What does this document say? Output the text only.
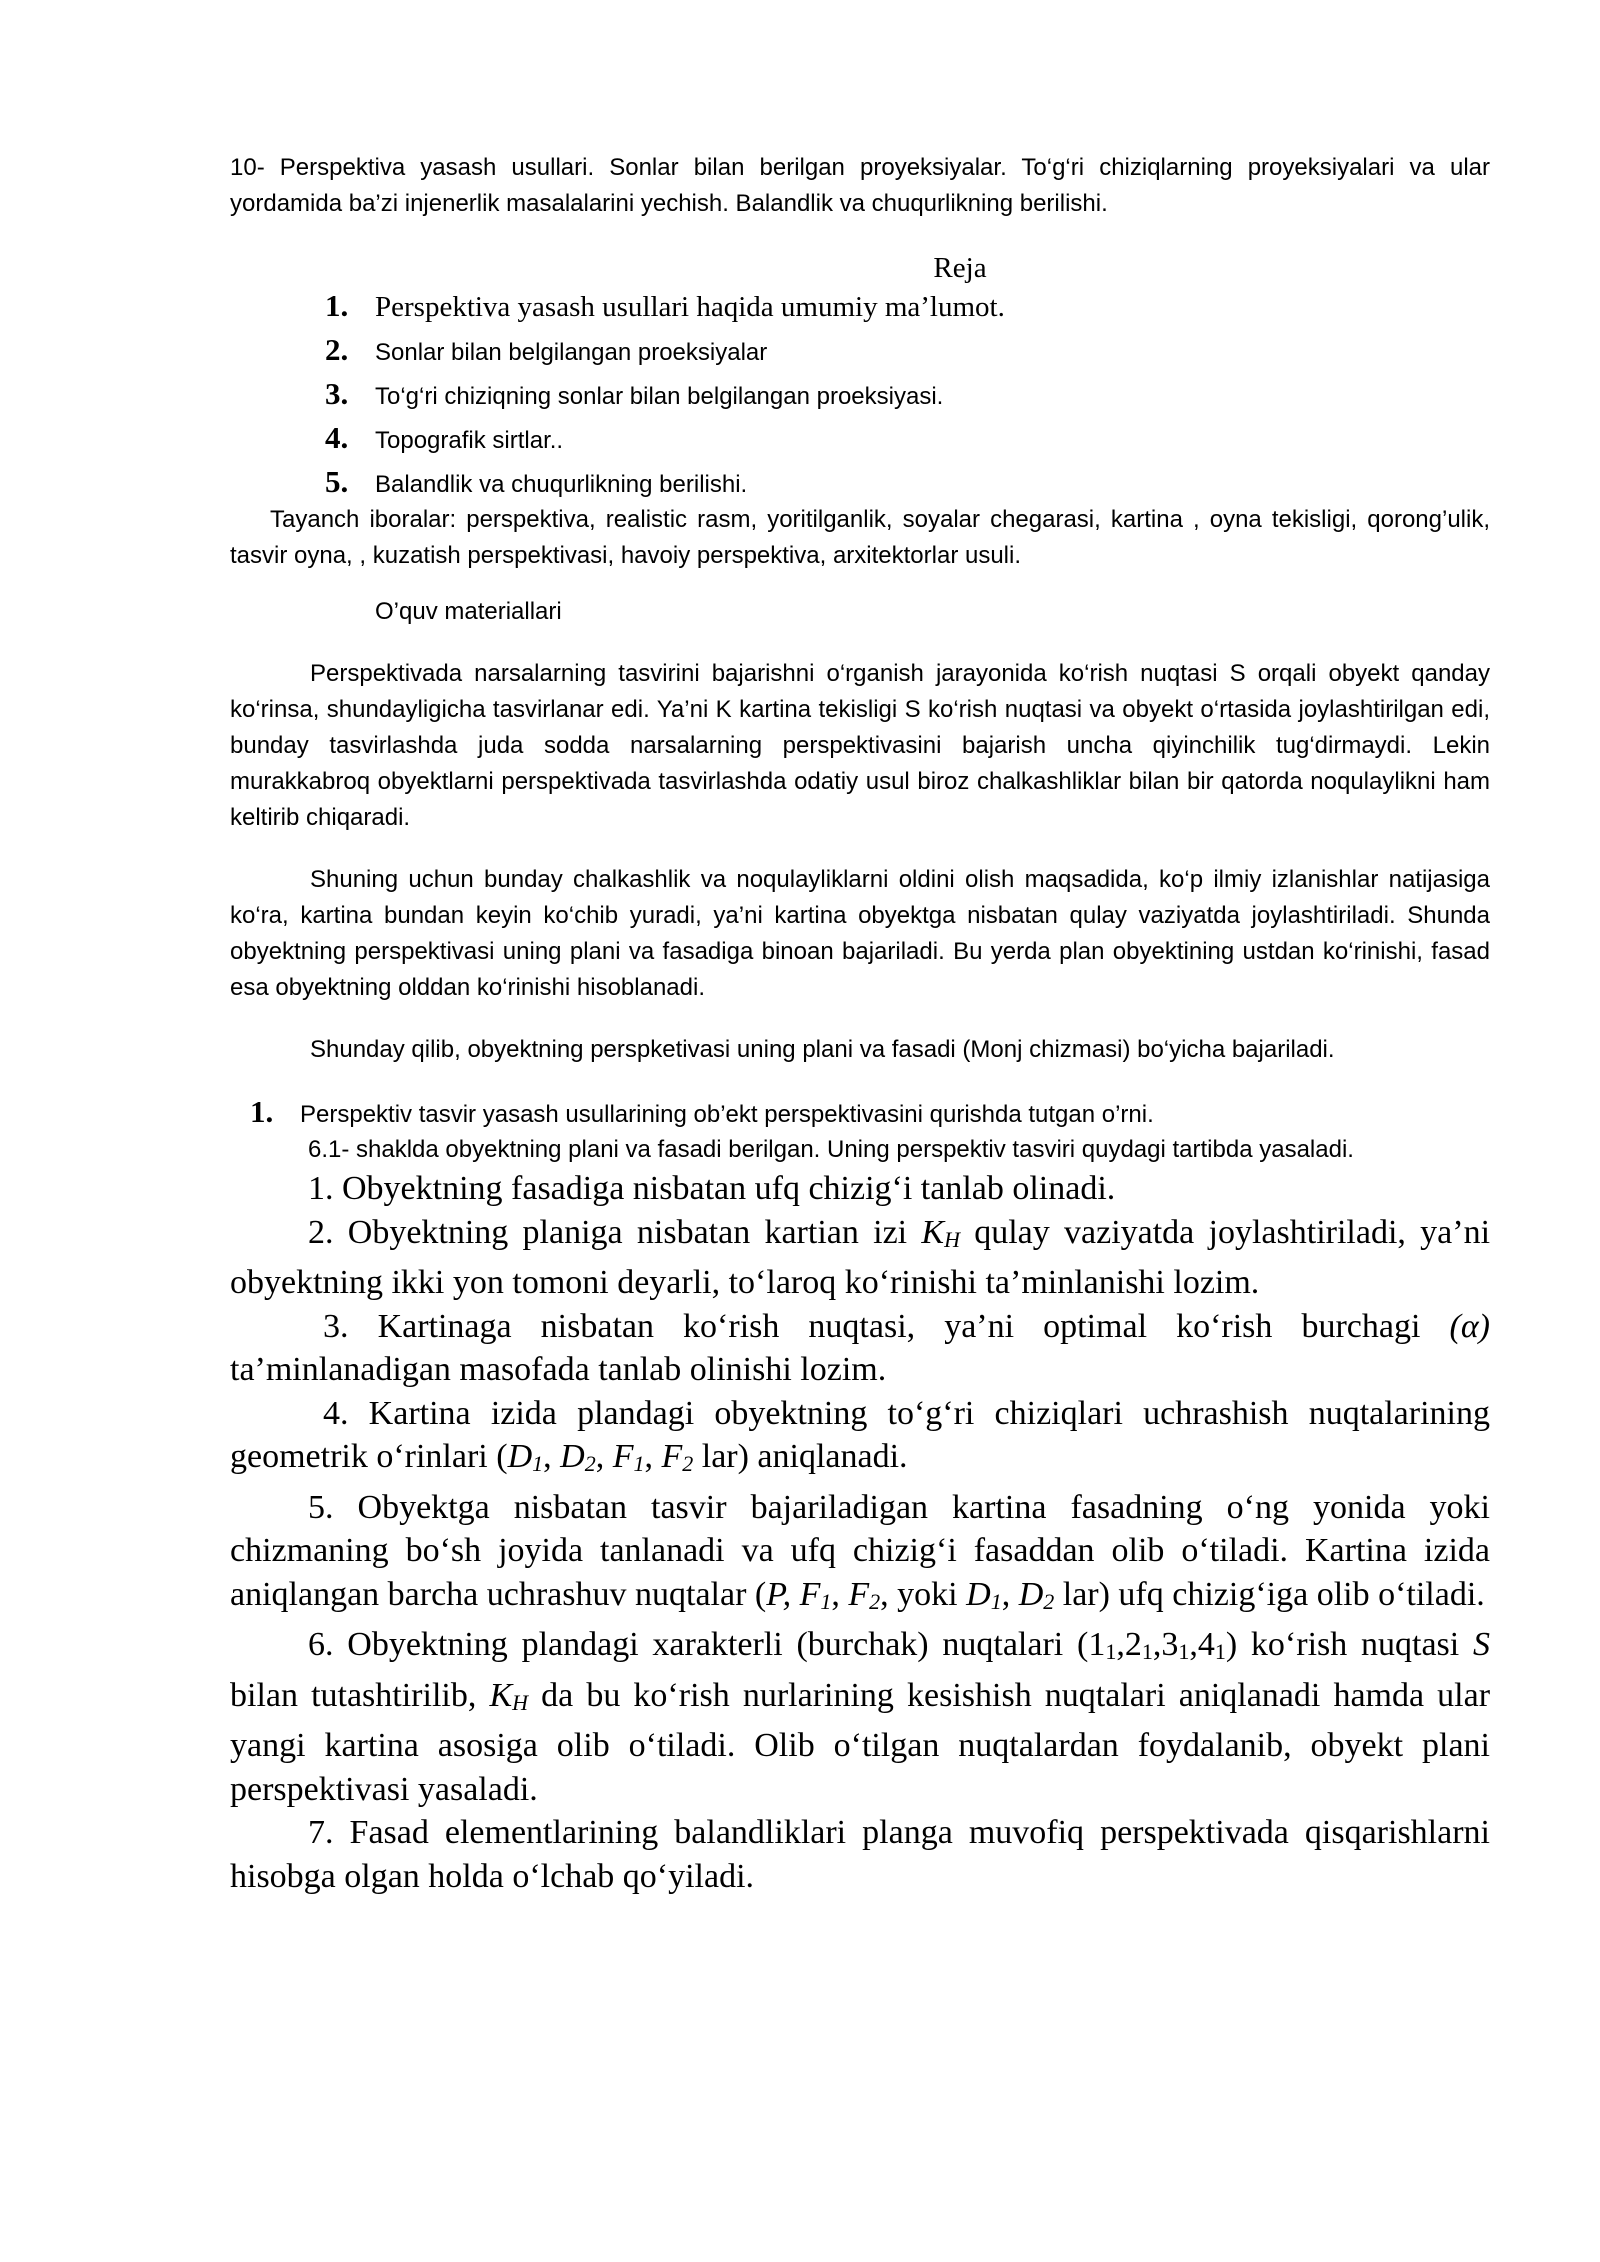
10- Perspektiva yasash usullari. Sonlar bilan berilgan proyeksiyalar. To‘g‘ri chiziqlarning proyeksiyalari va ular yordamida ba’zi injenerlik masalalarini yechish. Balandlik va chuqurlikning berilishi.

Reja

1. Perspektiva yasash usullari haqida umumiy ma’lumot.
2.	Sonlar bilan belgilangan proeksiyalar
3.	To‘g‘ri chiziqning sonlar bilan belgilangan proeksiyasi.
4.	Topografik sirtlar..
5.	Balandlik va chuqurlikning berilishi.

Tayanch iboralar: perspektiva, realistic rasm, yoritilganlik, soyalar chegarasi, kartina , oyna tekisligi, qorong’ulik, tasvir oyna, , kuzatish perspektivasi, havoiy perspektiva, arxitektorlar usuli.

O’quv materiallari

Perspektivada narsalarning tasvirini bajarishni o‘rganish jarayonida ko‘rish nuqtasi S orqali obyekt qanday ko‘rinsa, shundayligicha tasvirlanar edi. Ya’ni K kartina tekisligi S ko‘rish nuqtasi va obyekt o‘rtasida joylashtirilgan edi, bunday tasvirlashda juda sodda narsalarning perspektivasini bajarish uncha qiyinchilik tug‘dirmaydi. Lekin murakkabroq obyektlarni perspektivada tasvirlashda odatiy usul biroz chalkashliklar bilan bir qatorda noqulaylikni ham keltirib chiqaradi.

Shuning uchun bunday chalkashlik va noqulayliklarni oldini olish maqsadida, ko‘p ilmiy izlanishlar natijasiga ko‘ra, kartina bundan keyin ko‘chib yuradi, ya’ni kartina obyektga nisbatan qulay vaziyatda joylashtiriladi. Shunda obyektning perspektivasi uning plani va fasadiga binoan bajariladi. Bu yerda plan obyektining ustdan ko‘rinishi, fasad esa obyektning olddan ko‘rinishi hisoblanadi.

Shunday qilib, obyektning perspketivasi uning plani va fasadi (Monj chizmasi) bo‘yicha bajariladi.

1.	Perspektiv tasvir yasash usullarining ob’ekt perspektivasini qurishda tutgan o’rni.

6.1- shaklda obyektning plani va fasadi berilgan. Uning perspektiv tasviri quydagi tartibda yasaladi.

1. Obyektning fasadiga nisbatan ufq chizig‘i tanlab olinadi.

2. Obyektning planiga nisbatan kartian izi KH qulay vaziyatda joylashtiriladi, ya’ni obyektning ikki yon tomoni deyarli, to‘laroq ko‘rinishi ta’minlanishi lozim.

3. Kartinaga nisbatan ko‘rish nuqtasi, ya’ni optimal ko‘rish burchagi (α) ta’minlanadigan masofada tanlab olinishi lozim.

4. Kartina izida plandagi obyektning to‘g‘ri chiziqlari uchrashish nuqtalarining geometrik o‘rinlari (D1, D2, F1, F2 lar) aniqlanadi.

5. Obyektga nisbatan tasvir bajariladigan kartina fasadning o‘ng yonida yoki chizmaning bo‘sh joyida tanlanadi va ufq chizig‘i fasaddan olib o‘tiladi. Kartina izida aniqlangan barcha uchrashuv nuqtalar (P, F1, F2, yoki D1, D2 lar) ufq chizig‘iga olib o‘tiladi.

6. Obyektning plandagi xarakterli (burchak) nuqtalari (11,21,31,41) ko‘rish nuqtasi S bilan tutashtirilib, KH da bu ko‘rish nurlarining kesishish nuqtalari aniqlanadi hamda ular yangi kartina asosiga olib o‘tiladi. Olib o‘tilgan nuqtalardan foydalanib, obyekt plani perspektivasi yasaladi.

7. Fasad elementlarining balandliklari planga muvofiq perspektivada qisqarishlarni hisobga olgan holda o‘lchab qo‘yiladi.
